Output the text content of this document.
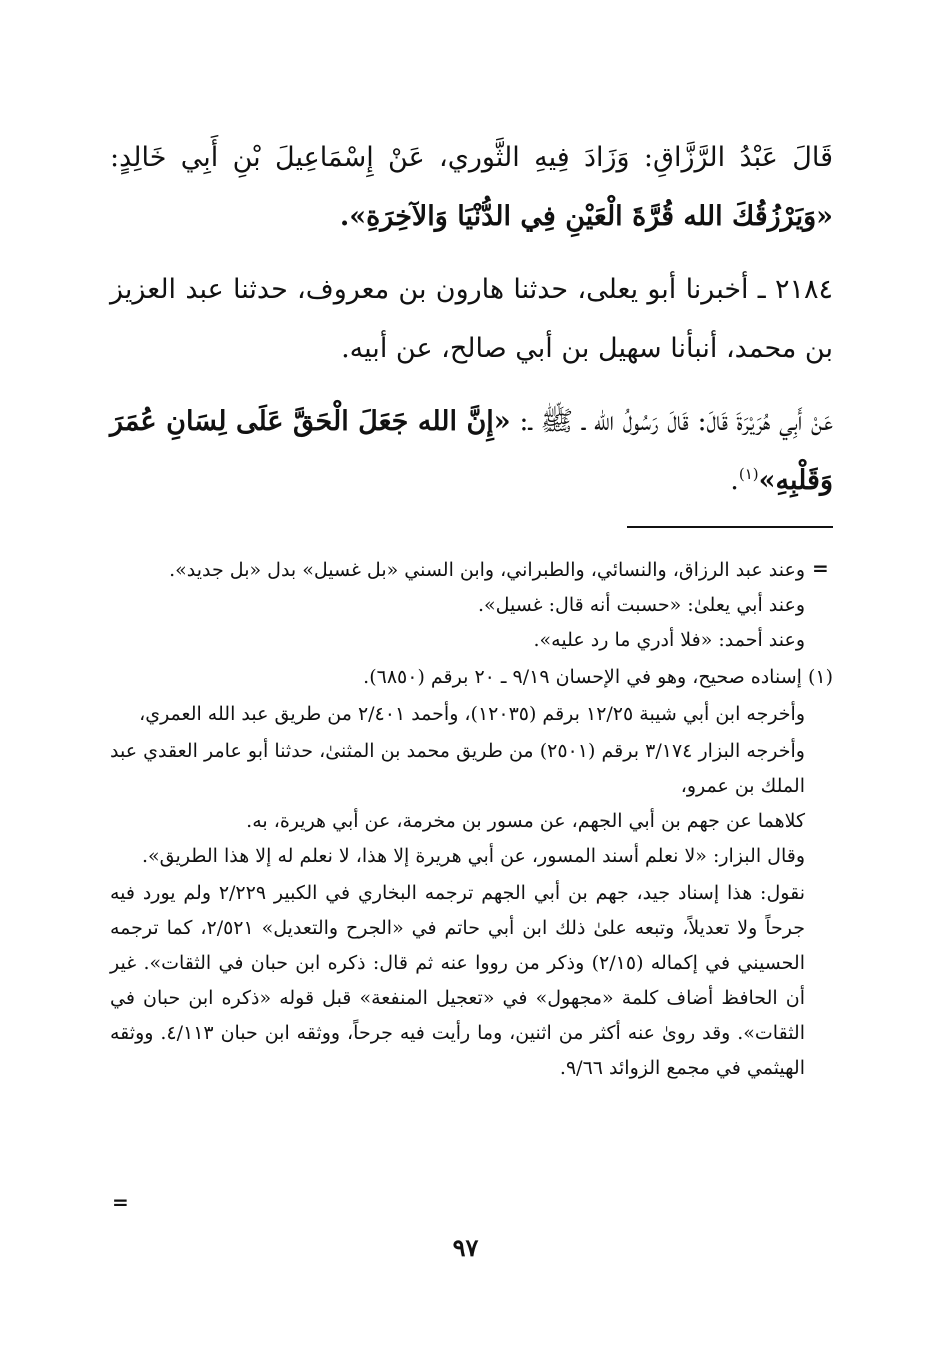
قَالَ عَبْدُ الرَّزَّاقِ: وَزَادَ فِيهِ الثَّوري، عَنْ إِسْمَاعِيلَ بْنِ أَبِي خَالِدٍ: «وَيَرْزُقُكَ الله قُرَّةَ الْعَيْنِ فِي الدُّنْيَا وَالآخِرَةِ».

٢١٨٤ ـ أخبرنا أبو يعلى، حدثنا هارون بن معروف، حدثنا عبد العزيز بن محمد، أنبأنا سهيل بن أبي صالح، عن أبيه.

عَنْ أَبِي هُرَيْرَةَ قَالَ: قَالَ رَسُولُ الله ـ ﷺ ـ: «إِنَّ الله جَعَلَ الْحَقَّ عَلَى لِسَانِ عُمَرَ وَقَلْبِهِ»$^{(١)}$.

=

وعند عبد الرزاق، والنسائي، والطبراني، وابن السني «بل غسيل» بدل «بل جديد».

وعند أبي يعلىٰ: «حسبت أنه قال: غسيل».

وعند أحمد: «فلا أدري ما رد عليه».

(١) إسناده صحيح، وهو في الإحسان ٩/١٩ ـ ٢٠ برقم (٦٨٥٠).

وأخرجه ابن أبي شيبة ١٢/٢٥ برقم (١٢٠٣٥)، وأحمد ٢/٤٠١ من طريق عبد الله العمري،

وأخرجه البزار ٣/١٧٤ برقم (٢٥٠١) من طريق محمد بن المثنىٰ، حدثنا أبو عامر العقدي عبد الملك بن عمرو،

كلاهما عن جهم بن أبي الجهم، عن مسور بن مخرمة، عن أبي هريرة، به.

وقال البزار: «لا نعلم أسند المسور، عن أبي هريرة إلا هذا، لا نعلم له إلا هذا الطريق».

نقول: هذا إسناد جيد، جهم بن أبي الجهم ترجمه البخاري في الكبير ٢/٢٢٩ ولم يورد فيه جرحاً ولا تعديلاً، وتبعه علىٰ ذلك ابن أبي حاتم في «الجرح والتعديل» ٢/٥٢١، كما ترجمه الحسيني في إكماله (٢/١٥) وذكر من رووا عنه ثم قال: ذكره ابن حبان في الثقات». غير أن الحافظ أضاف كلمة «مجهول» في «تعجيل المنفعة» قبل قوله «ذكره ابن حبان في الثقات». وقد روىٰ عنه أكثر من اثنين، وما رأيت فيه جرحاً، ووثقه ابن حبان ٤/١١٣. ووثقه الهيثمي في مجمع الزوائد ٩/٦٦.

=
٩٧
